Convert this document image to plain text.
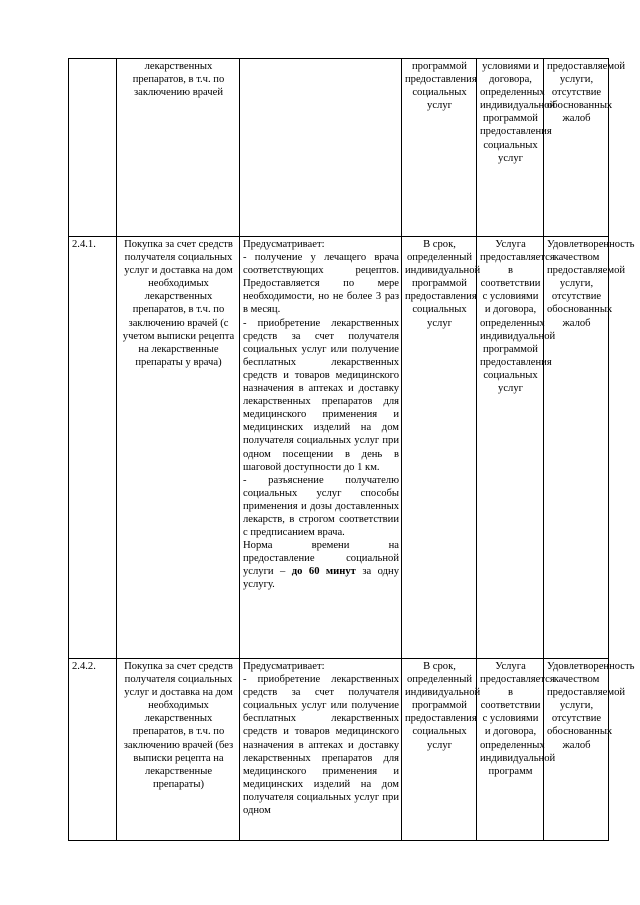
	лекарственных препаратов, в т.ч. по заключению врачей		программой предоставления социальных услуг	условиями и договора, определенных индивидуальной программой предоставления социальных услуг	предоставляемой услуги, отсутствие обоснованных жалоб
2.4.1.	Покупка за счет средств получателя социальных услуг и доставка на дом необходимых лекарственных препаратов, в т.ч. по заключению врачей (с учетом выписки рецепта на лекарственные препараты у врача)	Предусматривает:

- получение у лечащего врача соответствующих рецептов. Предоставляется по мере необходимости, но не более 3 раз в месяц.

- приобретение лекарственных средств за счет получателя социальных услуг или получение бесплатных лекарственных средств и товаров медицинского назначения в аптеках и доставку лекарственных препаратов для медицинского применения и медицинских изделий на дом получателя социальных услуг при одном посещении в день в шаговой доступности до 1 км.

- разъяснение получателю социальных услуг способы применения и дозы доставленных лекарств, в строгом соответствии с предписанием врача.

Норма времени на предоставление социальной услуги – до 60 минут за одну услугу.	В срок, определенный индивидуальной программой предоставления социальных услуг	Услуга предоставляется в соответствии с условиями и договора, определенных индивидуальной программой предоставления социальных услуг	Удовлетворенность качеством предоставляемой услуги, отсутствие обоснованных жалоб
2.4.2.	Покупка за счет средств получателя социальных услуг и доставка на дом необходимых лекарственных препаратов, в т.ч. по заключению врачей (без выписки рецепта на лекарственные препараты)	Предусматривает:

- приобретение лекарственных средств за счет получателя социальных услуг или получение бесплатных лекарственных средств и товаров медицинского назначения в аптеках и доставку лекарственных препаратов для медицинского применения и медицинских изделий на дом получателя социальных услуг при одном	В срок, определенный индивидуальной программой предоставления социальных услуг	Услуга предоставляется в соответствии с условиями и договора, определенных индивидуальной программ	Удовлетворенность качеством предоставляемой услуги, отсутствие обоснованных жалоб
